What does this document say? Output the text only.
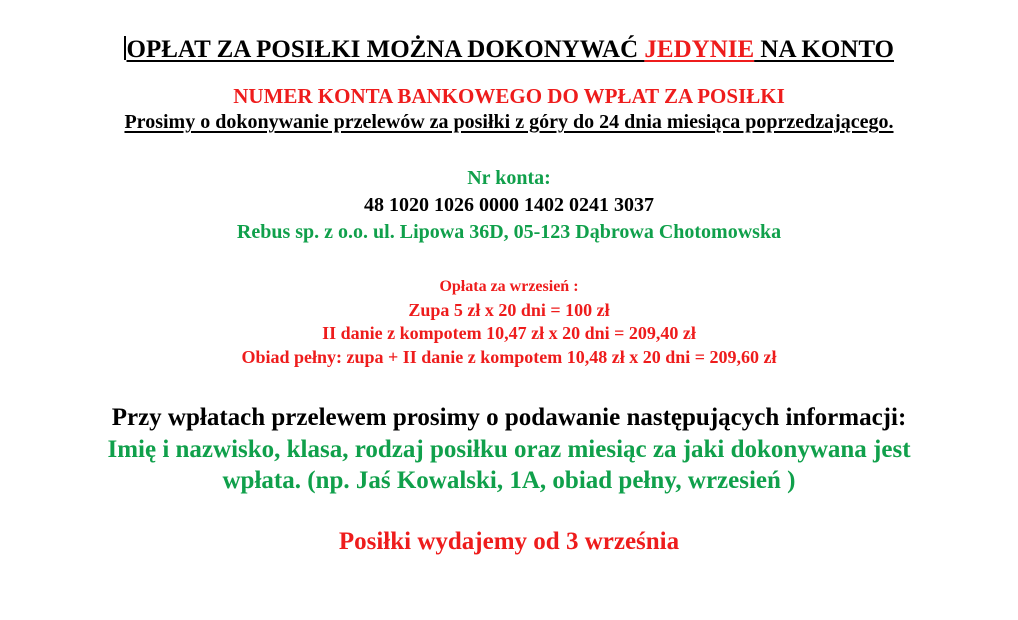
OPŁAT ZA POSIŁKI MOŻNA DOKONYWAĆ JEDYNIE NA KONTO
NUMER KONTA BANKOWEGO DO WPŁAT ZA POSIŁKI
Prosimy o dokonywanie przelewów za posiłki z góry do 24 dnia miesiąca poprzedzającego.
Nr konta:
48 1020 1026 0000 1402 0241 3037
Rebus sp. z o.o. ul. Lipowa 36D, 05-123 Dąbrowa Chotomowska
Opłata za wrzesień :
Zupa 5 zł x 20 dni = 100 zł
II danie z kompotem 10,47 zł x 20 dni = 209,40 zł
Obiad pełny: zupa + II danie z kompotem 10,48 zł x 20 dni = 209,60 zł
Przy wpłatach przelewem prosimy o podawanie następujących informacji:
Imię i nazwisko, klasa, rodzaj posiłku oraz miesiąc za jaki dokonywana jest
wpłata. (np. Jaś Kowalski, 1A, obiad pełny, wrzesień )
Posiłki wydajemy od 3 września
